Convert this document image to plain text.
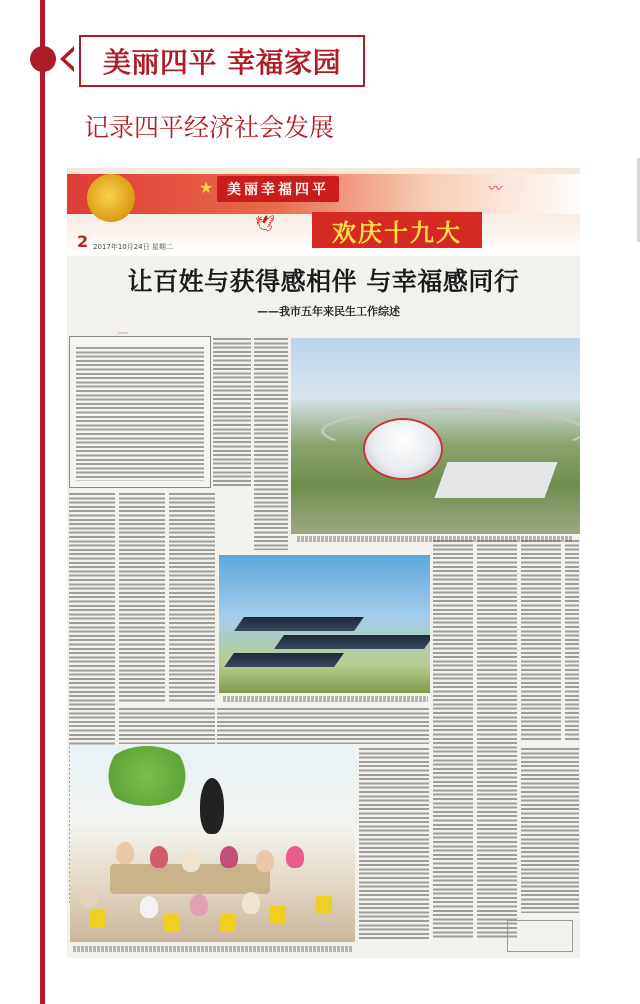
美丽四平 幸福家园
记录四平经济社会发展
★ 美丽幸福四平	〰
🕊	欢庆十九大
2 2017年10月24日 星期二
让百姓与获得感相伴 与幸福感同行
——我市五年来民生工作综述
